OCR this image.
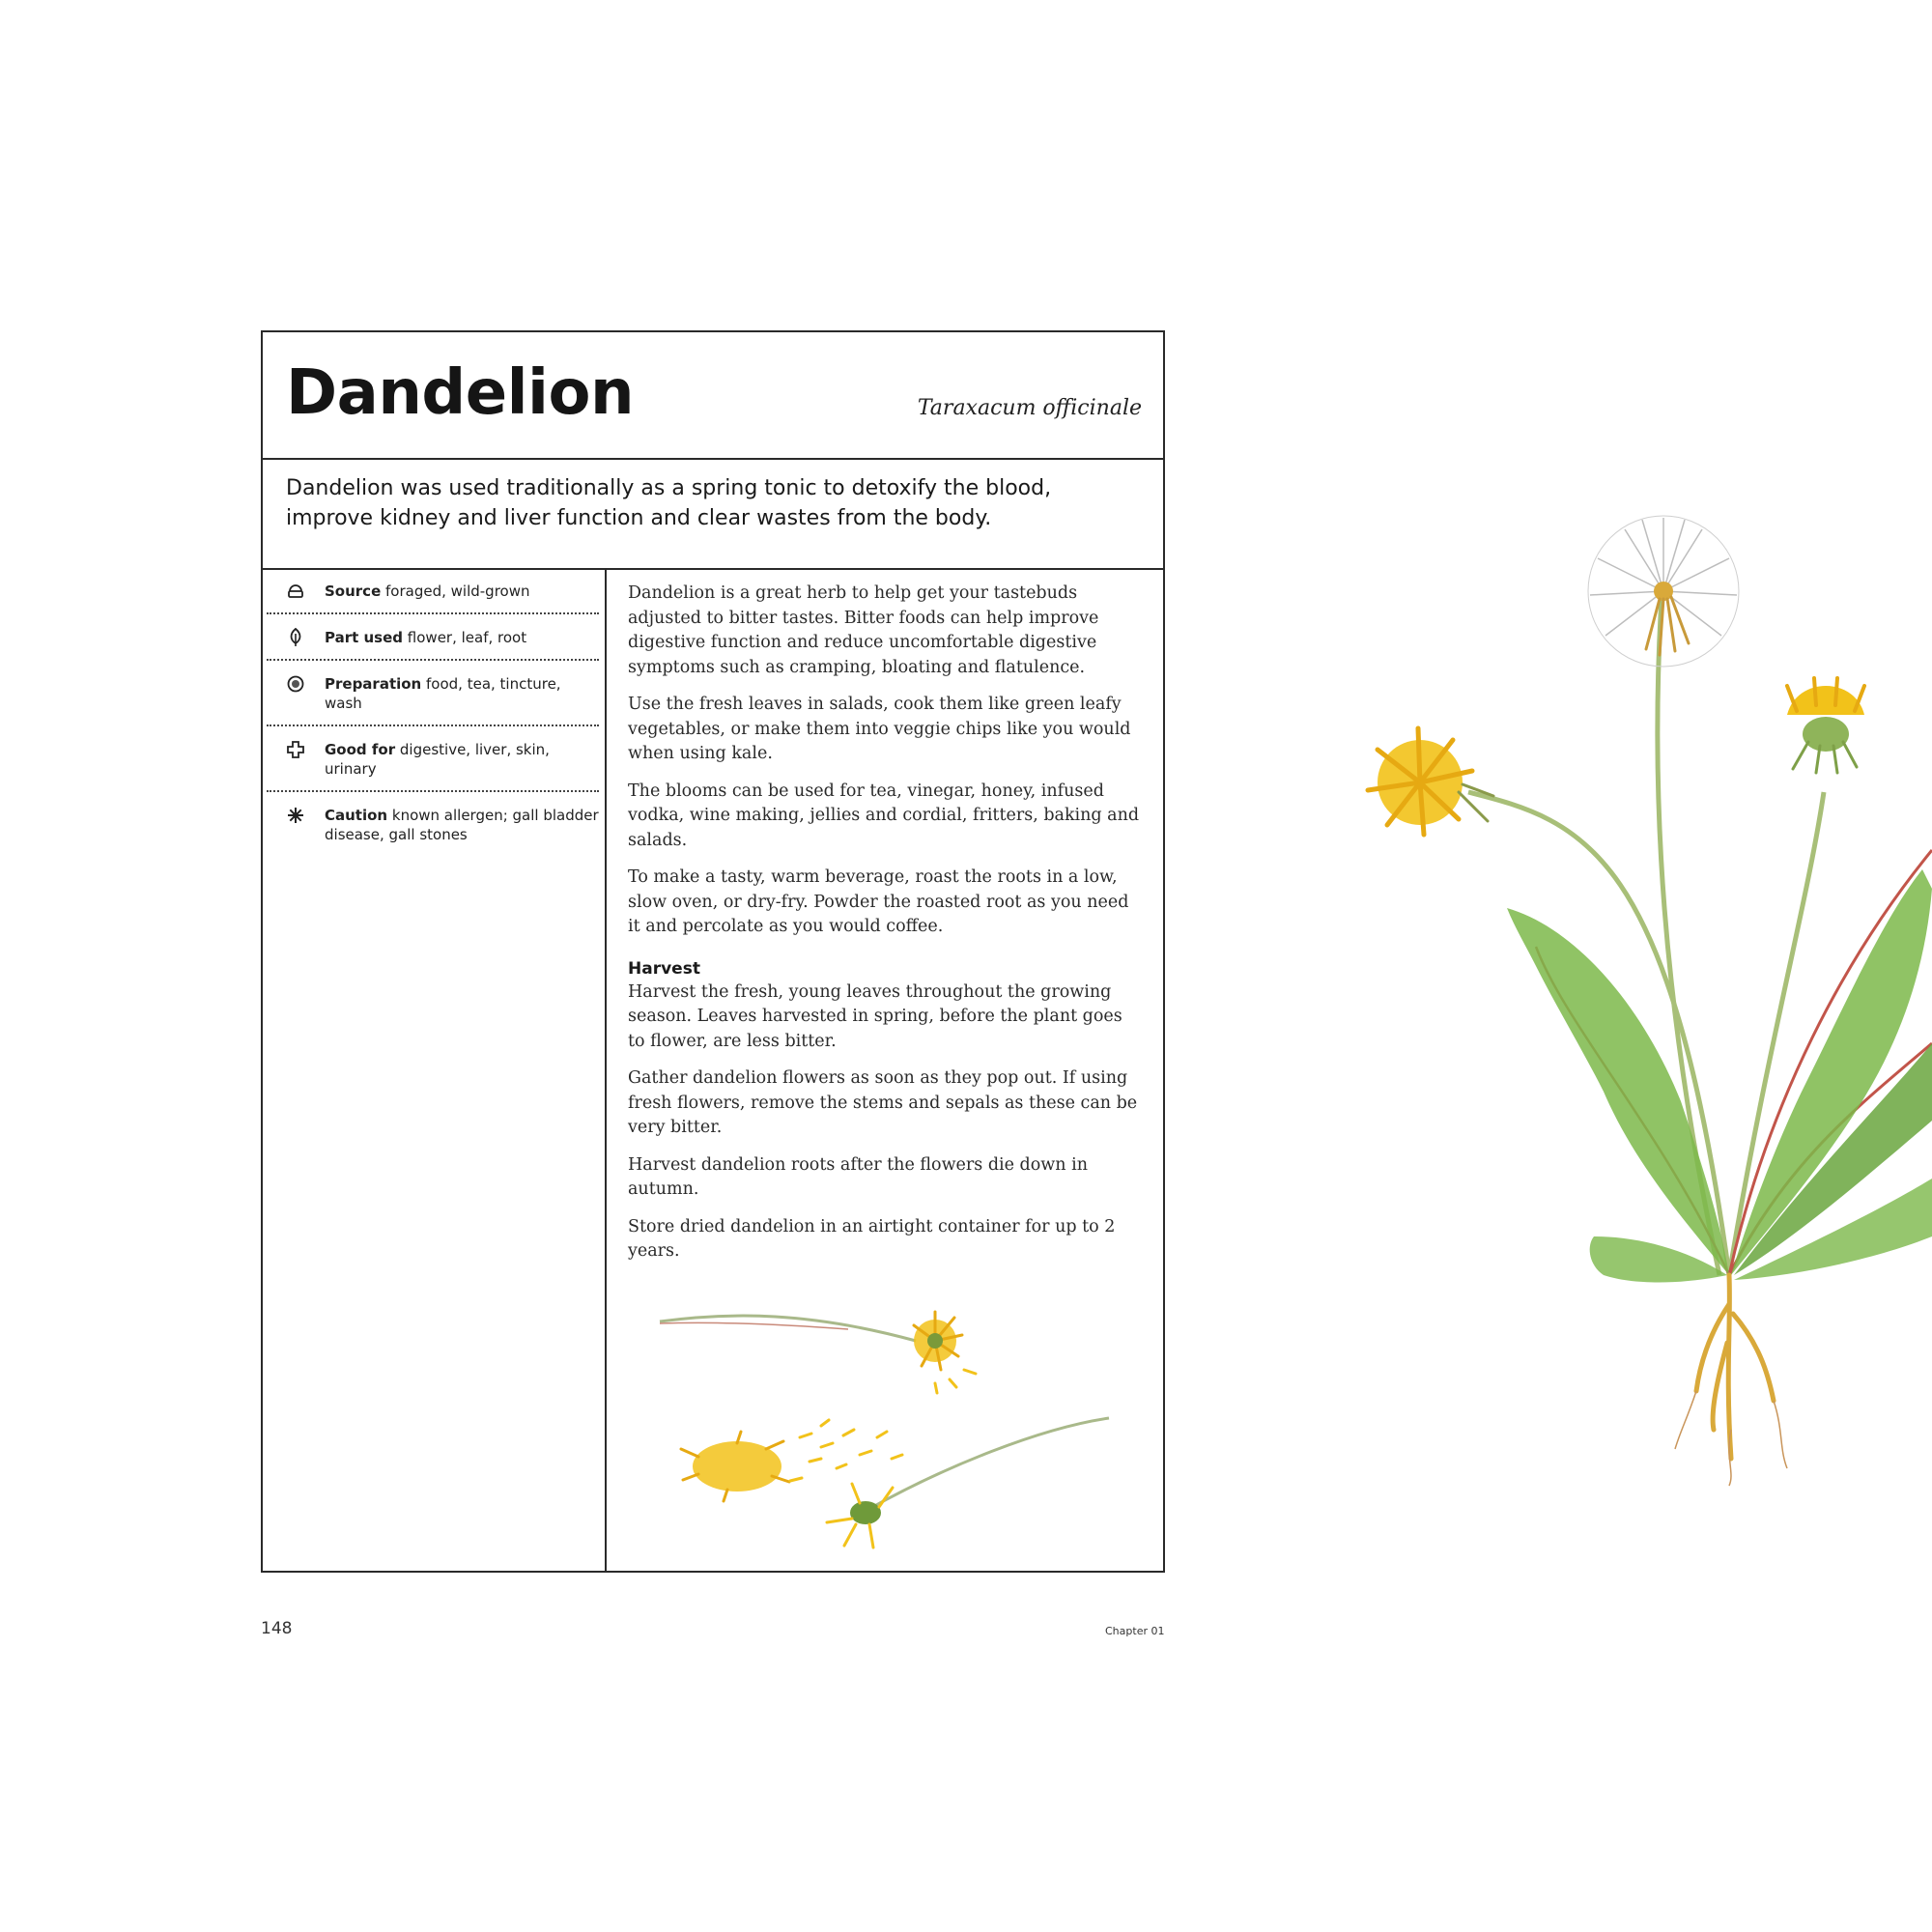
Dandelion	Taraxacum officinale
Dandelion was used traditionally as a spring tonic to detoxify the blood, improve kidney and liver function and clear wastes from the body.
Source foraged, wild-grown
Part used flower, leaf, root
Preparation food, tea, tincture, wash
Good for digestive, liver, skin, urinary
Caution known allergen; gall bladder disease, gall stones

Dandelion is a great herb to help get your tastebuds adjusted to bitter tastes. Bitter foods can help improve digestive function and reduce uncomfortable digestive symptoms such as cramping, bloating and flatulence.

Use the fresh leaves in salads, cook them like green leafy vegetables, or make them into veggie chips like you would when using kale.

The blooms can be used for tea, vinegar, honey, infused vodka, wine making, jellies and cordial, fritters, baking and salads.

To make a tasty, warm beverage, roast the roots in a low, slow oven, or dry-fry. Powder the roasted root as you need it and percolate as you would coffee.

Harvest

Harvest the fresh, young leaves throughout the growing season. Leaves harvested in spring, before the plant goes to flower, are less bitter.

Gather dandelion flowers as soon as they pop out. If using fresh flowers, remove the stems and sepals as these can be very bitter.

Harvest dandelion roots after the flowers die down in autumn.

Store dried dandelion in an airtight container for up to 2 years.

148	Chapter 01
